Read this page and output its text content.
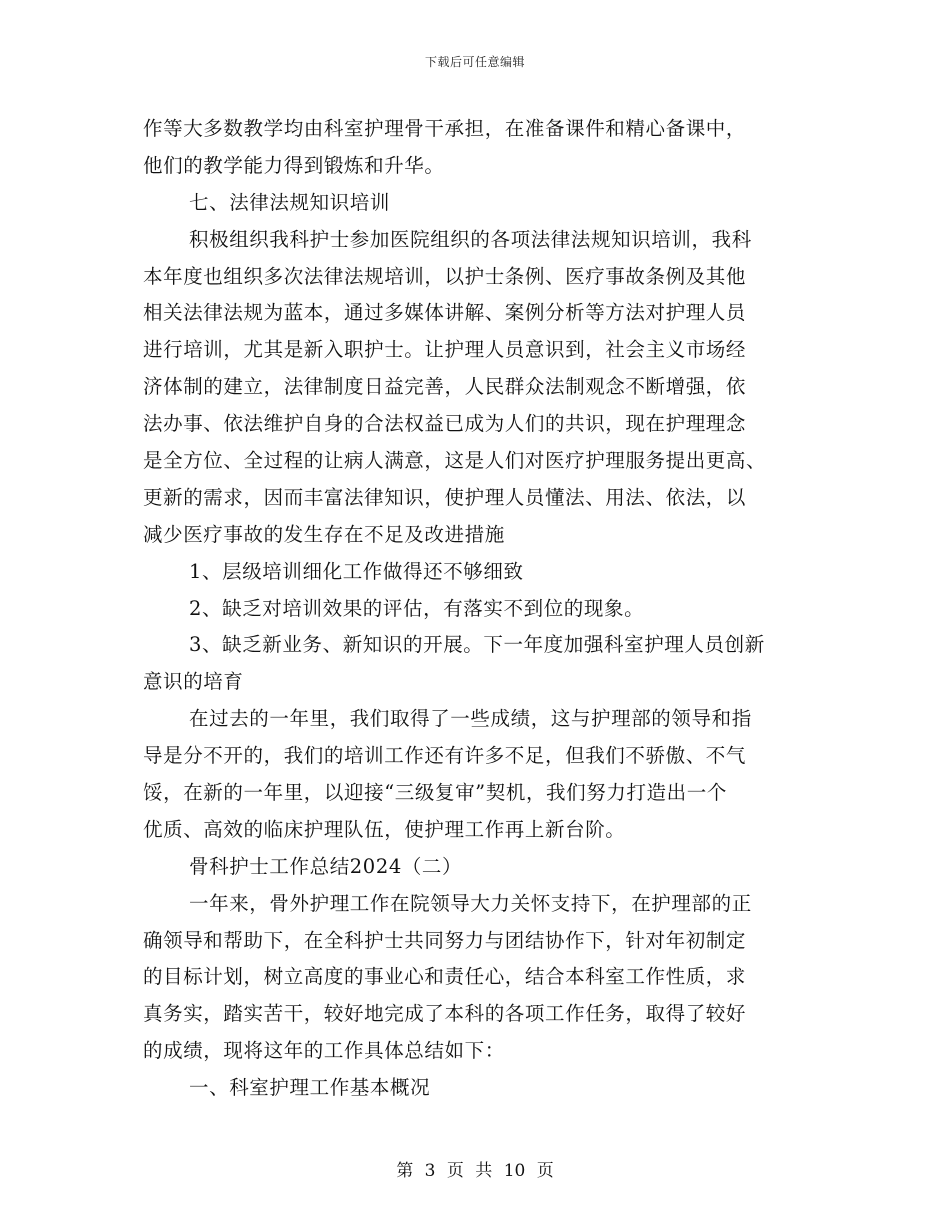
下载后可任意编辑
作等大多数教学均由科室护理骨干承担，在准备课件和精心备课中，
他们的教学能力得到锻炼和升华。
七、法律法规知识培训
积极组织我科护士参加医院组织的各项法律法规知识培训，我科
本年度也组织多次法律法规培训，以护士条例、医疗事故条例及其他
相关法律法规为蓝本，通过多媒体讲解、案例分析等方法对护理人员
进行培训，尤其是新入职护士。让护理人员意识到，社会主义市场经
济体制的建立，法律制度日益完善，人民群众法制观念不断增强，依
法办事、依法维护自身的合法权益已成为人们的共识，现在护理理念
是全方位、全过程的让病人满意，这是人们对医疗护理服务提出更高、
更新的需求，因而丰富法律知识，使护理人员懂法、用法、依法，以
减少医疗事故的发生存在不足及改进措施
1、层级培训细化工作做得还不够细致
2、缺乏对培训效果的评估，有落实不到位的现象。
3、缺乏新业务、新知识的开展。下一年度加强科室护理人员创新
意识的培育
在过去的一年里，我们取得了一些成绩，这与护理部的领导和指
导是分不开的，我们的培训工作还有许多不足，但我们不骄傲、不气
馁，在新的一年里，以迎接“三级复审”契机，我们努力打造出一个
优质、高效的临床护理队伍，使护理工作再上新台阶。
骨科护士工作总结2024（二）
一年来，骨外护理工作在院领导大力关怀支持下，在护理部的正
确领导和帮助下，在全科护士共同努力与团结协作下，针对年初制定
的目标计划，树立高度的事业心和责任心，结合本科室工作性质，求
真务实，踏实苦干，较好地完成了本科的各项工作任务，取得了较好
的成绩，现将这年的工作具体总结如下：
一、科室护理工作基本概况
第 3 页 共 10 页
